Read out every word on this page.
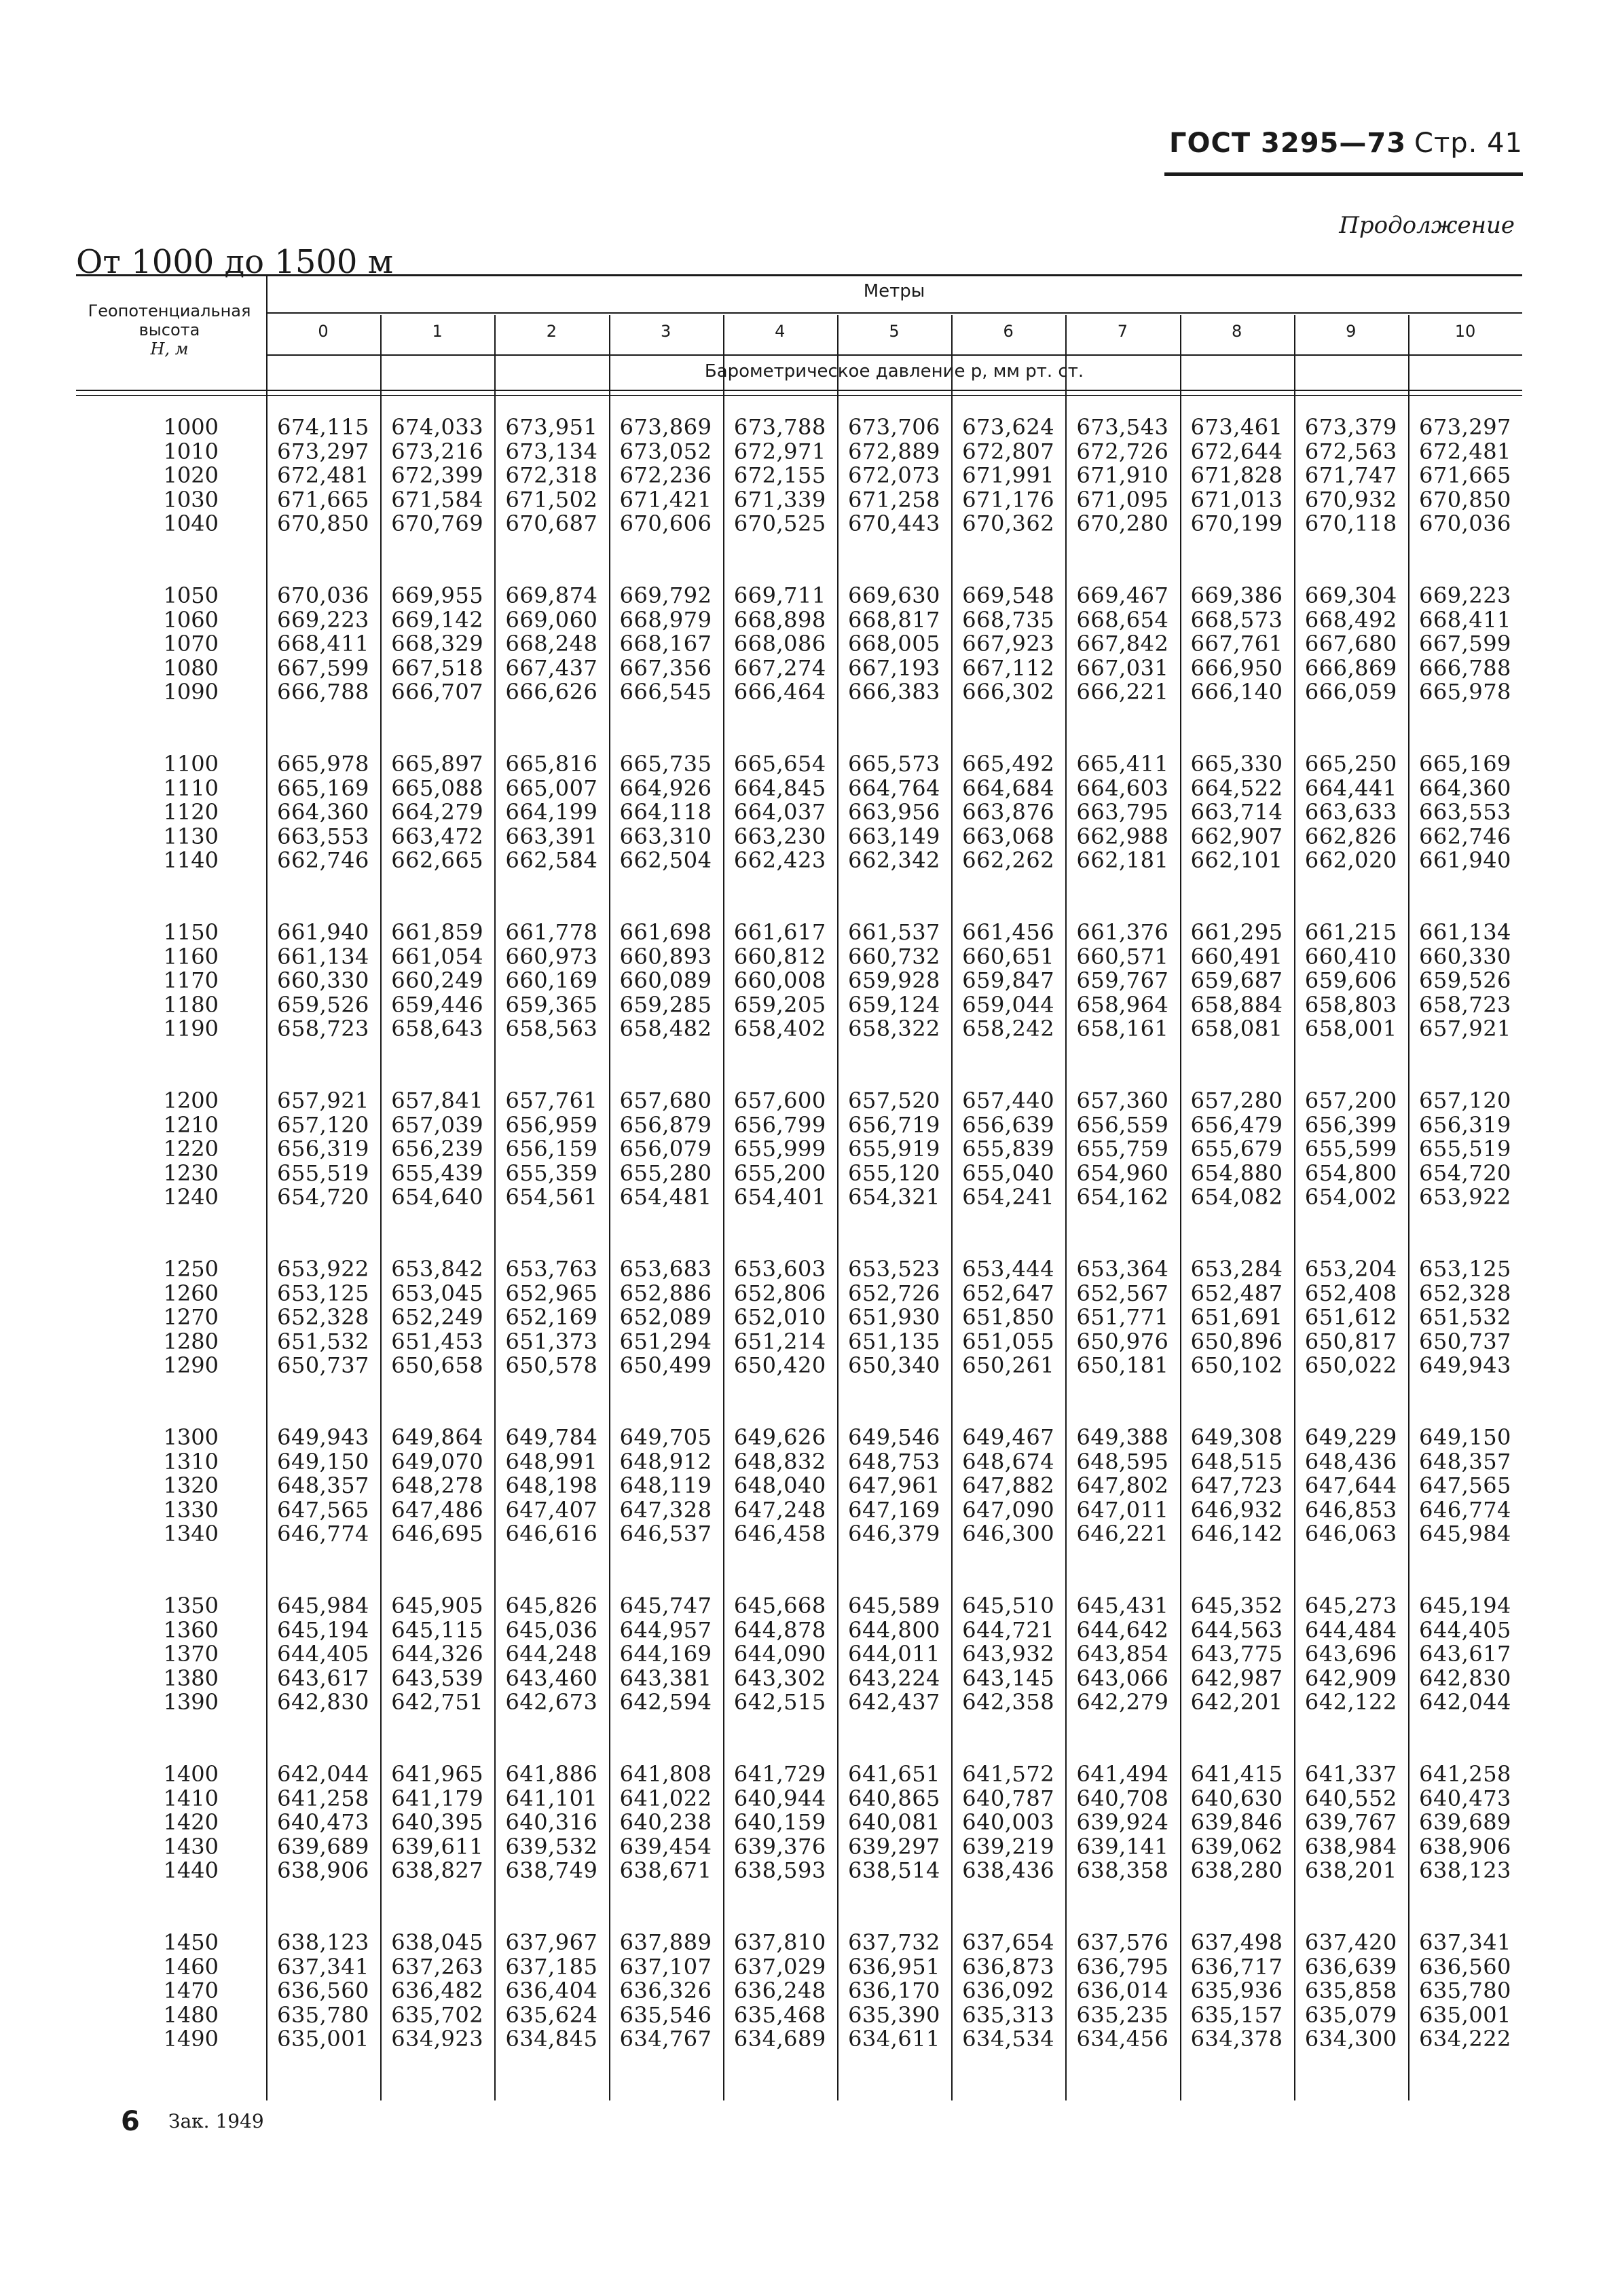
ГОСТ 3295—73 Стр. 41
Продолжение
От 1000 до 1500 м
Геопотенциальная
высота
H, м
Метры
0	1	2	3	4	5	6	7	8	9	10
Барометрическое давление p, мм рт. ст.
1000	674,115	674,033	673,951	673,869	673,788	673,706	673,624	673,543	673,461	673,379	673,297
1010	673,297	673,216	673,134	673,052	672,971	672,889	672,807	672,726	672,644	672,563	672,481
1020	672,481	672,399	672,318	672,236	672,155	672,073	671,991	671,910	671,828	671,747	671,665
1030	671,665	671,584	671,502	671,421	671,339	671,258	671,176	671,095	671,013	670,932	670,850
1040	670,850	670,769	670,687	670,606	670,525	670,443	670,362	670,280	670,199	670,118	670,036
1050	670,036	669,955	669,874	669,792	669,711	669,630	669,548	669,467	669,386	669,304	669,223
1060	669,223	669,142	669,060	668,979	668,898	668,817	668,735	668,654	668,573	668,492	668,411
1070	668,411	668,329	668,248	668,167	668,086	668,005	667,923	667,842	667,761	667,680	667,599
1080	667,599	667,518	667,437	667,356	667,274	667,193	667,112	667,031	666,950	666,869	666,788
1090	666,788	666,707	666,626	666,545	666,464	666,383	666,302	666,221	666,140	666,059	665,978
1100	665,978	665,897	665,816	665,735	665,654	665,573	665,492	665,411	665,330	665,250	665,169
1110	665,169	665,088	665,007	664,926	664,845	664,764	664,684	664,603	664,522	664,441	664,360
1120	664,360	664,279	664,199	664,118	664,037	663,956	663,876	663,795	663,714	663,633	663,553
1130	663,553	663,472	663,391	663,310	663,230	663,149	663,068	662,988	662,907	662,826	662,746
1140	662,746	662,665	662,584	662,504	662,423	662,342	662,262	662,181	662,101	662,020	661,940
1150	661,940	661,859	661,778	661,698	661,617	661,537	661,456	661,376	661,295	661,215	661,134
1160	661,134	661,054	660,973	660,893	660,812	660,732	660,651	660,571	660,491	660,410	660,330
1170	660,330	660,249	660,169	660,089	660,008	659,928	659,847	659,767	659,687	659,606	659,526
1180	659,526	659,446	659,365	659,285	659,205	659,124	659,044	658,964	658,884	658,803	658,723
1190	658,723	658,643	658,563	658,482	658,402	658,322	658,242	658,161	658,081	658,001	657,921
1200	657,921	657,841	657,761	657,680	657,600	657,520	657,440	657,360	657,280	657,200	657,120
1210	657,120	657,039	656,959	656,879	656,799	656,719	656,639	656,559	656,479	656,399	656,319
1220	656,319	656,239	656,159	656,079	655,999	655,919	655,839	655,759	655,679	655,599	655,519
1230	655,519	655,439	655,359	655,280	655,200	655,120	655,040	654,960	654,880	654,800	654,720
1240	654,720	654,640	654,561	654,481	654,401	654,321	654,241	654,162	654,082	654,002	653,922
1250	653,922	653,842	653,763	653,683	653,603	653,523	653,444	653,364	653,284	653,204	653,125
1260	653,125	653,045	652,965	652,886	652,806	652,726	652,647	652,567	652,487	652,408	652,328
1270	652,328	652,249	652,169	652,089	652,010	651,930	651,850	651,771	651,691	651,612	651,532
1280	651,532	651,453	651,373	651,294	651,214	651,135	651,055	650,976	650,896	650,817	650,737
1290	650,737	650,658	650,578	650,499	650,420	650,340	650,261	650,181	650,102	650,022	649,943
1300	649,943	649,864	649,784	649,705	649,626	649,546	649,467	649,388	649,308	649,229	649,150
1310	649,150	649,070	648,991	648,912	648,832	648,753	648,674	648,595	648,515	648,436	648,357
1320	648,357	648,278	648,198	648,119	648,040	647,961	647,882	647,802	647,723	647,644	647,565
1330	647,565	647,486	647,407	647,328	647,248	647,169	647,090	647,011	646,932	646,853	646,774
1340	646,774	646,695	646,616	646,537	646,458	646,379	646,300	646,221	646,142	646,063	645,984
1350	645,984	645,905	645,826	645,747	645,668	645,589	645,510	645,431	645,352	645,273	645,194
1360	645,194	645,115	645,036	644,957	644,878	644,800	644,721	644,642	644,563	644,484	644,405
1370	644,405	644,326	644,248	644,169	644,090	644,011	643,932	643,854	643,775	643,696	643,617
1380	643,617	643,539	643,460	643,381	643,302	643,224	643,145	643,066	642,987	642,909	642,830
1390	642,830	642,751	642,673	642,594	642,515	642,437	642,358	642,279	642,201	642,122	642,044
1400	642,044	641,965	641,886	641,808	641,729	641,651	641,572	641,494	641,415	641,337	641,258
1410	641,258	641,179	641,101	641,022	640,944	640,865	640,787	640,708	640,630	640,552	640,473
1420	640,473	640,395	640,316	640,238	640,159	640,081	640,003	639,924	639,846	639,767	639,689
1430	639,689	639,611	639,532	639,454	639,376	639,297	639,219	639,141	639,062	638,984	638,906
1440	638,906	638,827	638,749	638,671	638,593	638,514	638,436	638,358	638,280	638,201	638,123
1450	638,123	638,045	637,967	637,889	637,810	637,732	637,654	637,576	637,498	637,420	637,341
1460	637,341	637,263	637,185	637,107	637,029	636,951	636,873	636,795	636,717	636,639	636,560
1470	636,560	636,482	636,404	636,326	636,248	636,170	636,092	636,014	635,936	635,858	635,780
1480	635,780	635,702	635,624	635,546	635,468	635,390	635,313	635,235	635,157	635,079	635,001
1490	635,001	634,923	634,845	634,767	634,689	634,611	634,534	634,456	634,378	634,300	634,222
6 Зак. 1949
